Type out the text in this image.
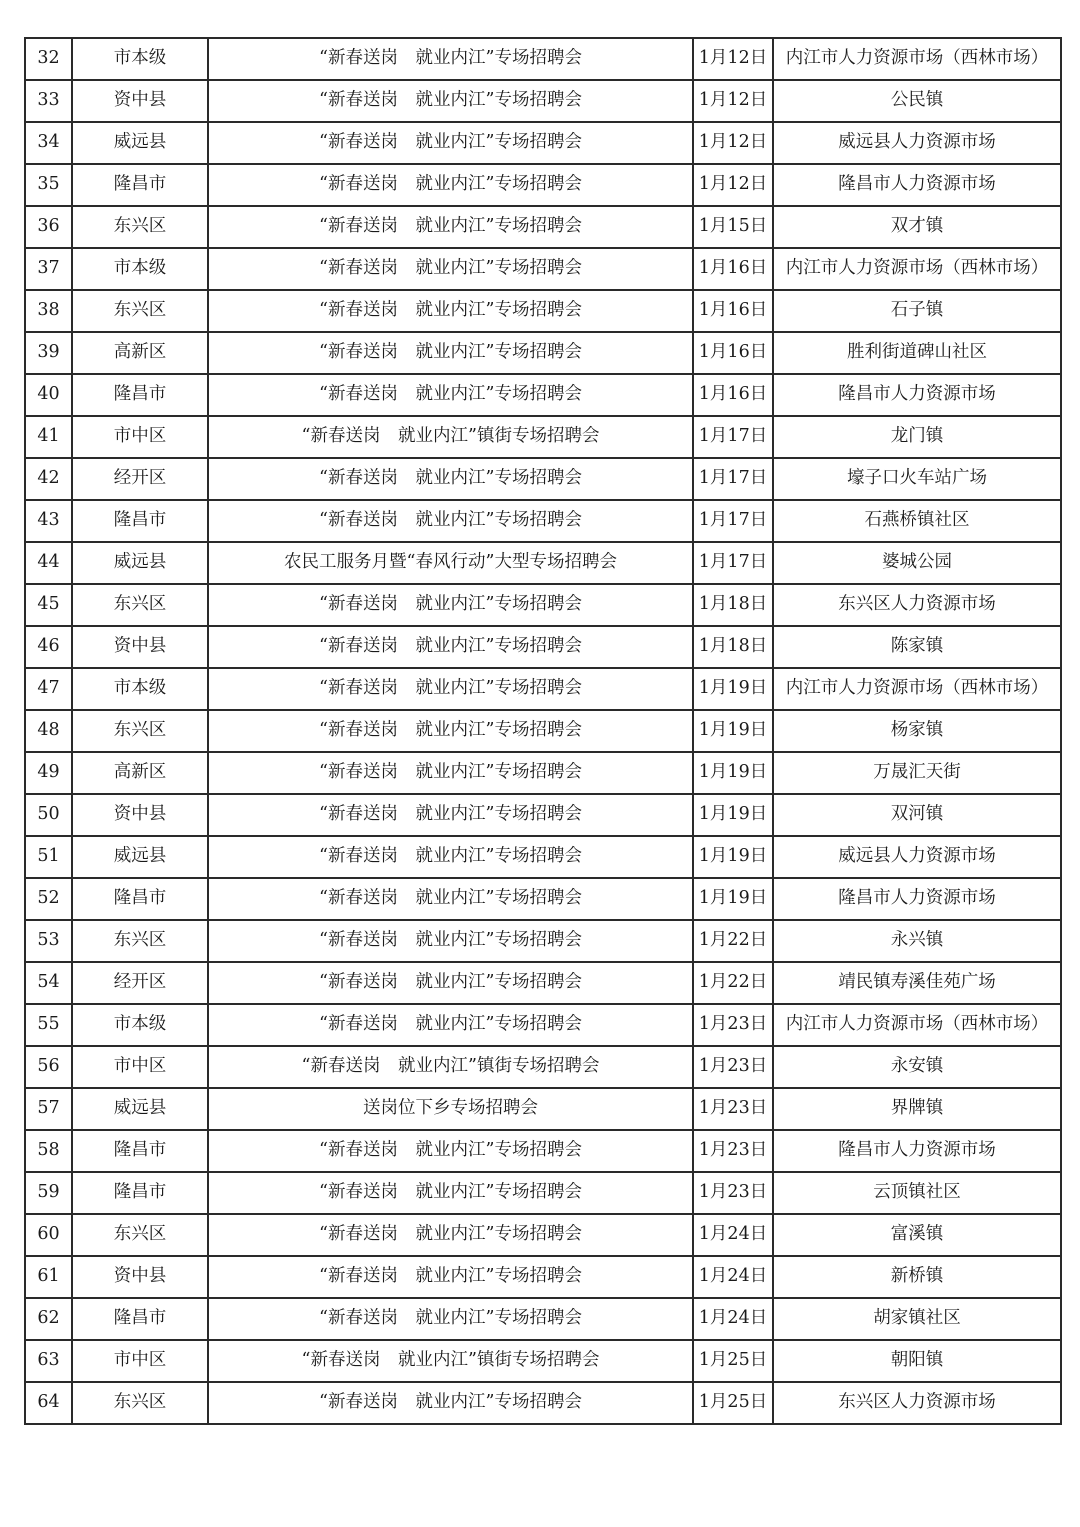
32	市本级	“新春送岗　就业内江”专场招聘会	1月12日	内江市人力资源市场（西林市场）
33	资中县	“新春送岗　就业内江”专场招聘会	1月12日	公民镇
34	威远县	“新春送岗　就业内江”专场招聘会	1月12日	威远县人力资源市场
35	隆昌市	“新春送岗　就业内江”专场招聘会	1月12日	隆昌市人力资源市场
36	东兴区	“新春送岗　就业内江”专场招聘会	1月15日	双才镇
37	市本级	“新春送岗　就业内江”专场招聘会	1月16日	内江市人力资源市场（西林市场）
38	东兴区	“新春送岗　就业内江”专场招聘会	1月16日	石子镇
39	高新区	“新春送岗　就业内江”专场招聘会	1月16日	胜利街道碑山社区
40	隆昌市	“新春送岗　就业内江”专场招聘会	1月16日	隆昌市人力资源市场
41	市中区	“新春送岗　就业内江”镇街专场招聘会	1月17日	龙门镇
42	经开区	“新春送岗　就业内江”专场招聘会	1月17日	壕子口火车站广场
43	隆昌市	“新春送岗　就业内江”专场招聘会	1月17日	石燕桥镇社区
44	威远县	农民工服务月暨“春风行动”大型专场招聘会	1月17日	婆城公园
45	东兴区	“新春送岗　就业内江”专场招聘会	1月18日	东兴区人力资源市场
46	资中县	“新春送岗　就业内江”专场招聘会	1月18日	陈家镇
47	市本级	“新春送岗　就业内江”专场招聘会	1月19日	内江市人力资源市场（西林市场）
48	东兴区	“新春送岗　就业内江”专场招聘会	1月19日	杨家镇
49	高新区	“新春送岗　就业内江”专场招聘会	1月19日	万晟汇天街
50	资中县	“新春送岗　就业内江”专场招聘会	1月19日	双河镇
51	威远县	“新春送岗　就业内江”专场招聘会	1月19日	威远县人力资源市场
52	隆昌市	“新春送岗　就业内江”专场招聘会	1月19日	隆昌市人力资源市场
53	东兴区	“新春送岗　就业内江”专场招聘会	1月22日	永兴镇
54	经开区	“新春送岗　就业内江”专场招聘会	1月22日	靖民镇寿溪佳苑广场
55	市本级	“新春送岗　就业内江”专场招聘会	1月23日	内江市人力资源市场（西林市场）
56	市中区	“新春送岗　就业内江”镇街专场招聘会	1月23日	永安镇
57	威远县	送岗位下乡专场招聘会	1月23日	界牌镇
58	隆昌市	“新春送岗　就业内江”专场招聘会	1月23日	隆昌市人力资源市场
59	隆昌市	“新春送岗　就业内江”专场招聘会	1月23日	云顶镇社区
60	东兴区	“新春送岗　就业内江”专场招聘会	1月24日	富溪镇
61	资中县	“新春送岗　就业内江”专场招聘会	1月24日	新桥镇
62	隆昌市	“新春送岗　就业内江”专场招聘会	1月24日	胡家镇社区
63	市中区	“新春送岗　就业内江”镇街专场招聘会	1月25日	朝阳镇
64	东兴区	“新春送岗　就业内江”专场招聘会	1月25日	东兴区人力资源市场
